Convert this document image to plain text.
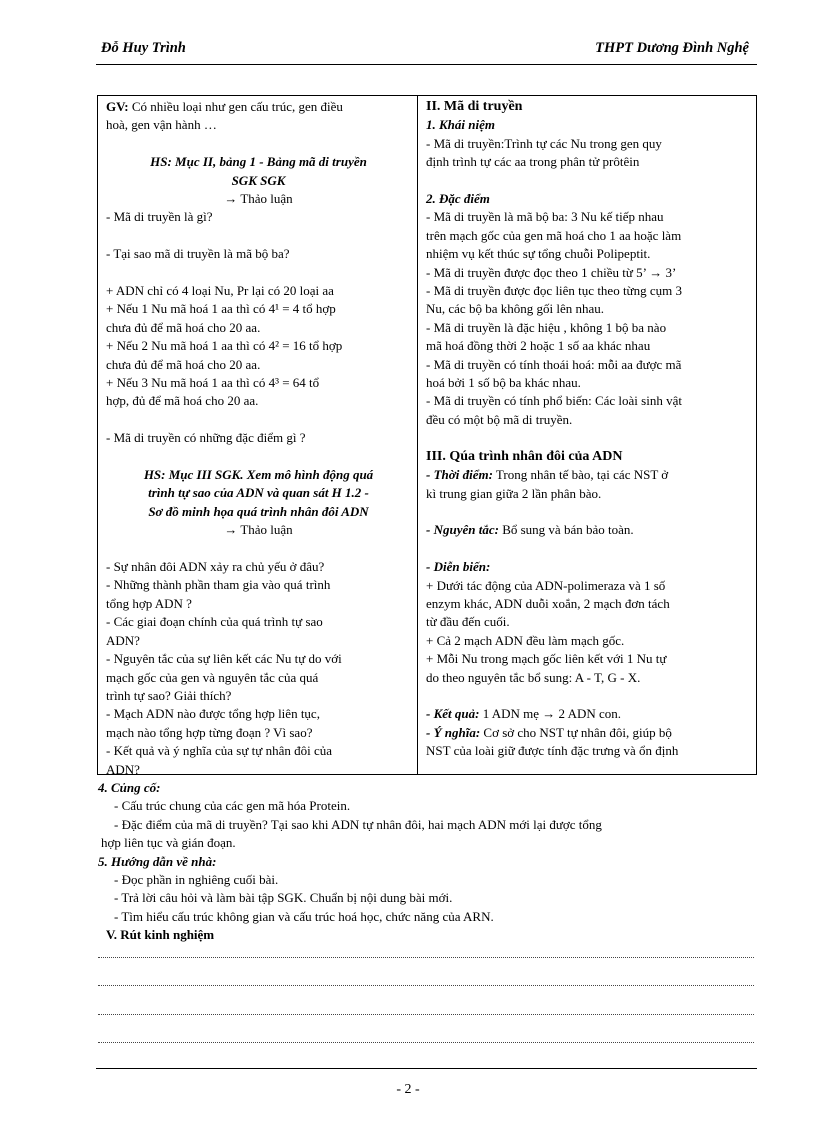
Đỗ Huy Trình	THPT Dương Đình Nghệ

GV: Có nhiều loại như gen cấu trúc, gen điều

hoà, gen vận hành …

HS: Mục II, bảng 1 - Bảng mã di truyền

SGK SGK

→ Thảo luận

- Mã di truyền là gì?

- Tại sao mã di truyền là mã bộ ba?

+ ADN chỉ có 4 loại Nu, Pr lại có 20 loại aa

+ Nếu 1 Nu mã hoá 1 aa thì có 4¹ = 4 tổ hợp

chưa đủ để mã hoá cho 20 aa.

+ Nếu 2 Nu mã hoá 1 aa thì có 4² = 16 tổ hợp

chưa đủ để mã hoá cho 20 aa.

+ Nếu 3 Nu mã hoá 1 aa thì có 4³ = 64 tổ

hợp, đủ để mã hoá cho 20 aa.

- Mã di truyền có những đặc điểm gì ?

HS: Mục III SGK. Xem mô hình động quá

trình tự sao của ADN và quan sát H 1.2 -

Sơ đồ minh họa quá trình nhân đôi ADN

→ Thảo luận

- Sự nhân đôi ADN xảy ra chủ yếu ở đâu?

- Những thành phần tham gia vào quá trình

tổng hợp ADN ?

- Các giai đoạn chính của quá trình tự sao

ADN?

- Nguyên tắc của sự liên kết các Nu tự do với

mạch gốc của gen và nguyên tắc của quá

trình tự sao? Giải thích?

- Mạch ADN nào được tổng hợp liên tục,

mạch nào tổng hợp từng đoạn ? Vì sao?

- Kết quả và ý nghĩa của sự tự nhân đôi của

ADN?

II. Mã di truyền

1. Khái niệm

- Mã di truyền:Trình tự các Nu trong gen quy

định trình tự các aa trong phân tử prôtêin

2. Đặc điểm

- Mã di truyền là mã bộ ba: 3 Nu kế tiếp nhau

trên mạch gốc của gen mã hoá cho 1 aa hoặc làm

nhiệm vụ kết thúc sự tổng chuỗi Polipeptit.

- Mã di truyền được đọc theo 1 chiều từ 5’ → 3’

- Mã di truyền được đọc liên tục theo từng cụm 3

Nu, các bộ ba không gối lên nhau.

- Mã di truyền là đặc hiệu , không 1 bộ ba nào

mã hoá đồng thời 2 hoặc 1 số aa khác nhau

- Mã di truyền có tính thoái hoá: mỗi aa được mã

hoá bởi 1 số bộ ba khác nhau.

- Mã di truyền có tính phổ biến: Các loài sinh vật

đều có một bộ mã di truyền.

III. Qúa trình nhân đôi của ADN

- Thời điểm: Trong nhân tế bào, tại các NST ở

kì trung gian giữa 2 lần phân bào.

- Nguyên tắc: Bổ sung và bán bảo toàn.

- Diễn biến:

+ Dưới tác động của ADN-polimeraza và 1 số

enzym khác, ADN duỗi xoắn, 2 mạch đơn tách

từ đầu đến cuối.

+ Cả 2 mạch ADN đều làm mạch gốc.

+ Mỗi Nu trong mạch gốc liên kết với 1 Nu tự

do theo nguyên tắc bổ sung: A - T, G - X.

- Kết quả: 1 ADN mẹ → 2 ADN con.

- Ý nghĩa: Cơ sở cho NST tự nhân đôi, giúp bộ

NST của loài giữ được tính đặc trưng và ổn định

4. Củng cố:

- Cấu trúc chung của các gen mã hóa Protein.

- Đặc điểm của mã di truyền? Tại sao khi ADN tự nhân đôi, hai mạch ADN mới lại được tổng

hợp liên tục và gián đoạn.

5. Hướng dẫn về nhà:

- Đọc phần in nghiêng cuối bài.

- Trả lời câu hỏi và làm bài tập SGK. Chuẩn bị nội dung bài mới.

- Tìm hiểu cấu trúc không gian và cấu trúc hoá học, chức năng của ARN.

V. Rút kinh nghiệm

- 2 -
